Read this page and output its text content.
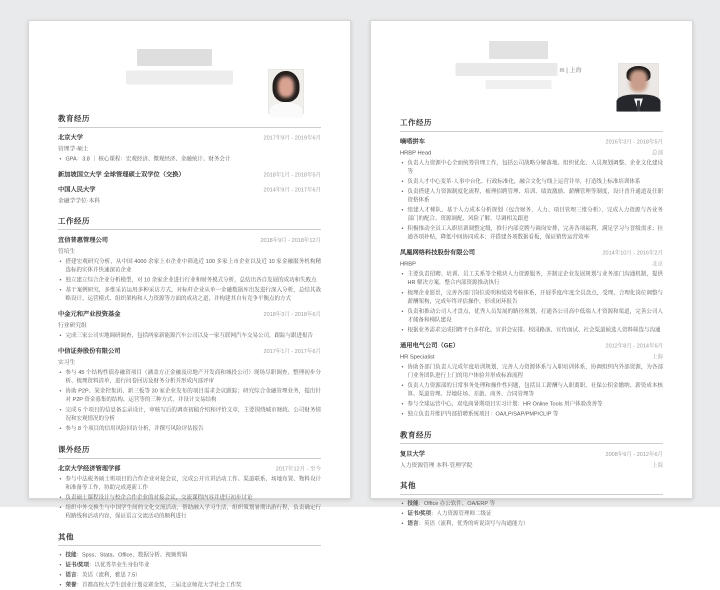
教育经历
北京大学	2017年9月 - 2019年6月
管理学·硕士
• GPA：3.8 ｜ 核心课程：宏观经济、微观经济、金融统计、财务会计
新加坡国立大学 全球管理硕士双学位（交换）	2018年1月 - 2018年5月
中国人民大学	2014年9月 - 2017年6月
金融学学位·本科
工作经历
宜信普惠管理公司	2018年9月 - 2018年12月
管培生
• 搭建宏观研究分析，从中国 4000 余家上市企业中筛选近 100 多家上市企业以及近 10 家金融服务机构精选标的实体并快速深访企业
• 独立建立综合企业分析模型，对 10 余家企业进行行业和财务模式分析，总结出各自发展的成功和失败点
• 基于案例研究，多维采访运用多种采访方式，对标杆企业从单一金融数据库出发进行深入分析，总结其战略设计、运营模式、组织架构和人力资源等方面的成功之道，并构建其自有竞争平衡点的方式
中金元和产业投资基金	2018年3月 - 2018年6月
行业研究组
• 完成三家公司实地调研调查，包括两家新能源汽车公司以及一家互联网汽车交易公司，跟踪与跟进报告
中信证券股份有限公司	2017年1月 - 2017年6月
实习生
• 参与 45 个结构性债券融资项目（涵盖方正金融及房地产开发商和城投公司）现场尽职调查、整理初步分析、梳理资料清单，进行问卷回访及财务分析并形成内部评审
• 协助 P2P、某金控集团、新三板等 30 家企业发布的项目需求会议跟踪；研究综合金融管理业务，提出针对 P2P 资金募集的结构、运营等的三种方式，并设计交易结构
• 完成 5 个项目的信息备忘录设计，审核写后的调查初稿介绍和评价文章，主要围绕城市财政、公司财务情况和宏观情况的分析
• 参与 8 个项目的信用风险回访分析，并撰写风险评估报告
课外经历
北京大学经济管理学部	2017年12月 - 至今
• 参与中法税务硕士班项目的合作企业对接会议，完成公开宣讲活动工作、渠道联系、场地布置、物料设计和准备等工作，协助完成迎新工作
• 负责硕士课程设计与校企合作企业的对接会议，交流课程内容并进行初步讨论
• 组织中外交换生与中国学生间的文化交流活动，帮助融入学习生活，组织策划暑期出游行程，负责确定行程路线和活动内容，保证语言交流活动的顺利进行
其他
• 技能：Spss、Stata、Office、数据分析、视频剪辑
• 证书/奖项：以优秀毕业生身份毕业
• 语言：英语（流利，雅思 7.5）
• 荣誉：首都高校大学生创业计划竞赛金奖，三届北京师范大学社会工作奖
m | 上海
工作经历
嘀嗒拼车	2016年3月 - 2018年5月
HRBP Head	总部
• 负责人力资源中心全面统筹管理工作，包括公司战略分解落地、组织优化、人员规划调整、企业文化建设等
• 负责人才中心变革·人事中台化、行政标准化，融合文化与线上运营并举，打造线上标准培训体系
• 负责搭建人力资源制度化流程，梳理招聘管理、培训、绩效激励、薪酬管理等制度，设计晋升通道及任职资格体系
• 组建人才梯队，基于人力成本分析规划（包含财务、人力、项目管理三维分析），完成人力资源与各业务部门的配合、资源调配、风险了解、尽调相关跟进
• 积极推动全员工入职培训调整定级，推行内部竞聘与调岗安排，完善各项福利，满足学习与晋级需求；拉通各项补贴，降低中间协同成本；并搭建各项数据看板，保证销售运营效率
凤凰网络科技股份有限公司	2014年10月 - 2016年2月
HRBP	北京
• 主要负责招聘、培训、员工关系等全模块人力资源服务，并制定企业发展规划与业务部门沟通机制，提供 HR 解决方案，整合内部资源推动执行
• 梳理企业愿景，完善各部门岗位说明和绩效考核体系，开展季度/年度全员盘点，受理、合理化岗位调整与薪酬架构，完成年终评估操作，形成闭环报告
• 负责和推动公司人才盘点，优秀人员发展的路径规划，打通各公司高中低端人才资源和渠道，完善公司人才储备和梯队建设
• 根据业务需求完成招聘平台多样化、宣讲会安排、校园路演、宣传面试、社会渠道候选人资料筛选与沟通
通用电气公司（GE）	2012年8月 - 2014年6月
HR Specialist	上海
• 协助各部门负责人完成年度培训规划，完善人力资源体系与入职培训体系，协调组织内外部资源，为各部门业务团队进行上门的用户体验并形成标准流程
• 负责人力资源部的日常事务处理和操作性问题，包括员工薪酬与入职离职、社保公积金缴纳、薪资成本核算、渠道管理、异地驻场、差旅、商务、合同管理等
• 参与全球运营中心、双电商暑期项目实习计划：HR Online Tools 用户体验改善等
• 独立负责并维护内部招聘系统项目：OA/LP/SAP/PMP/CLIP 等
教育经历
复旦大学	2008年9月 - 2012年6月
人力资源管理 本科·管理学院	上海
其他
• 技能：Office 办公软件、OA/ERP 等
• 证书/奖项：人力资源管理师二级证
• 语言：英语（流利，优秀的听说读写与沟通能力）
